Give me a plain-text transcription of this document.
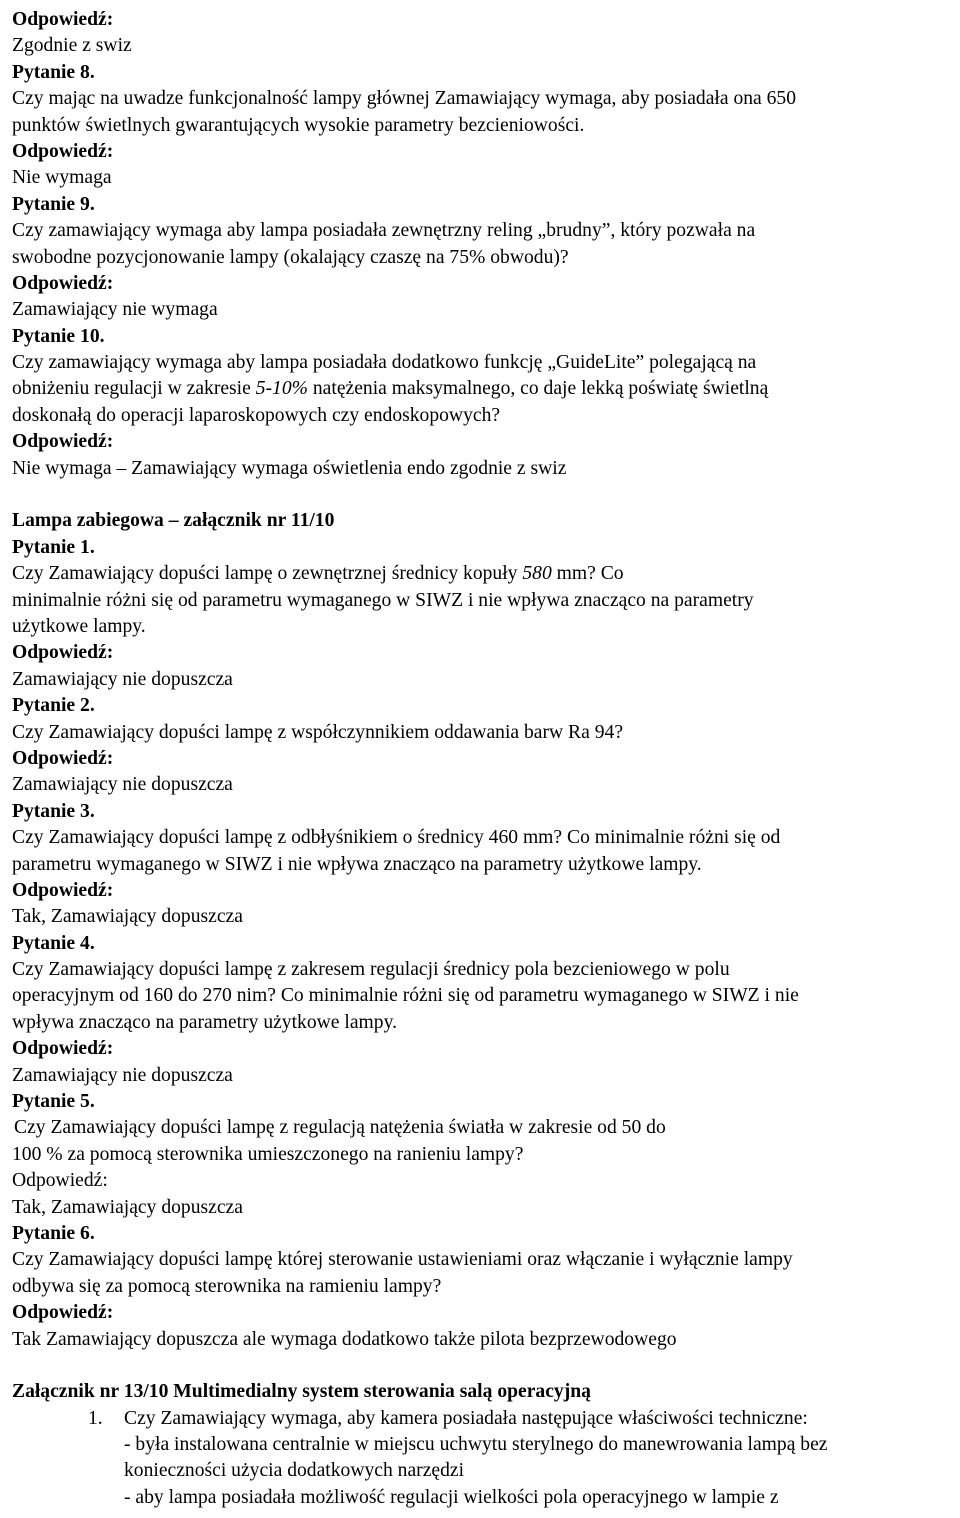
Odpowiedź:
Zgodnie z swiz
Pytanie 8.
Czy mając na uwadze funkcjonalność lampy głównej Zamawiający wymaga, aby posiadała ona 650
punktów świetlnych gwarantujących wysokie parametry bezcieniowości.
Odpowiedź:
Nie wymaga
Pytanie 9.
Czy zamawiający wymaga aby lampa posiadała zewnętrzny reling „brudny”, który pozwała na
swobodne pozycjonowanie lampy (okalający czaszę na 75% obwodu)?
Odpowiedź:
Zamawiający nie wymaga
Pytanie 10.
Czy zamawiający wymaga aby lampa posiadała dodatkowo funkcję „GuideLite” polegającą na
obniżeniu regulacji w zakresie 5-10% natężenia maksymalnego, co daje lekką poświatę świetlną
doskonałą do operacji laparoskopowych czy endoskopowych?
Odpowiedź:
Nie wymaga – Zamawiający wymaga oświetlenia endo zgodnie z swiz
Lampa zabiegowa – załącznik nr 11/10
Pytanie 1.
Czy Zamawiający dopuści lampę o zewnętrznej średnicy kopuły 580 mm? Co
minimalnie różni się od parametru wymaganego w SIWZ i nie wpływa znacząco na parametry
użytkowe lampy.
Odpowiedź:
Zamawiający nie dopuszcza
Pytanie 2.
Czy Zamawiający dopuści lampę z współczynnikiem oddawania barw Ra 94?
Odpowiedź:
Zamawiający nie dopuszcza
Pytanie 3.
Czy Zamawiający dopuści lampę z odbłyśnikiem o średnicy 460 mm? Co minimalnie różni się od
parametru wymaganego w SIWZ i nie wpływa znacząco na parametry użytkowe lampy.
Odpowiedź:
Tak, Zamawiający dopuszcza
Pytanie 4.
Czy Zamawiający dopuści lampę z zakresem regulacji średnicy pola bezcieniowego w polu
operacyjnym od 160 do 270 nim? Co minimalnie różni się od parametru wymaganego w SIWZ i nie
wpływa znacząco na parametry użytkowe lampy.
Odpowiedź:
Zamawiający nie dopuszcza
Pytanie 5.
Czy Zamawiający dopuści lampę z regulacją natężenia światła w zakresie od 50 do
100 % za pomocą sterownika umieszczonego na ranieniu lampy?
Odpowiedź:
Tak, Zamawiający dopuszcza
Pytanie 6.
Czy Zamawiający dopuści lampę której sterowanie ustawieniami oraz włączanie i wyłącznie lampy
odbywa się za pomocą sterownika na ramieniu lampy?
Odpowiedź:
Tak Zamawiający dopuszcza ale wymaga dodatkowo także pilota bezprzewodowego
Załącznik nr 13/10 Multimedialny system sterowania salą operacyjną
1. Czy Zamawiający wymaga, aby kamera posiadała następujące właściwości techniczne:
- była instalowana centralnie w miejscu uchwytu sterylnego do manewrowania lampą bez
konieczności użycia dodatkowych narzędzi
- aby lampa posiadała możliwość regulacji wielkości pola operacyjnego w lampie z
